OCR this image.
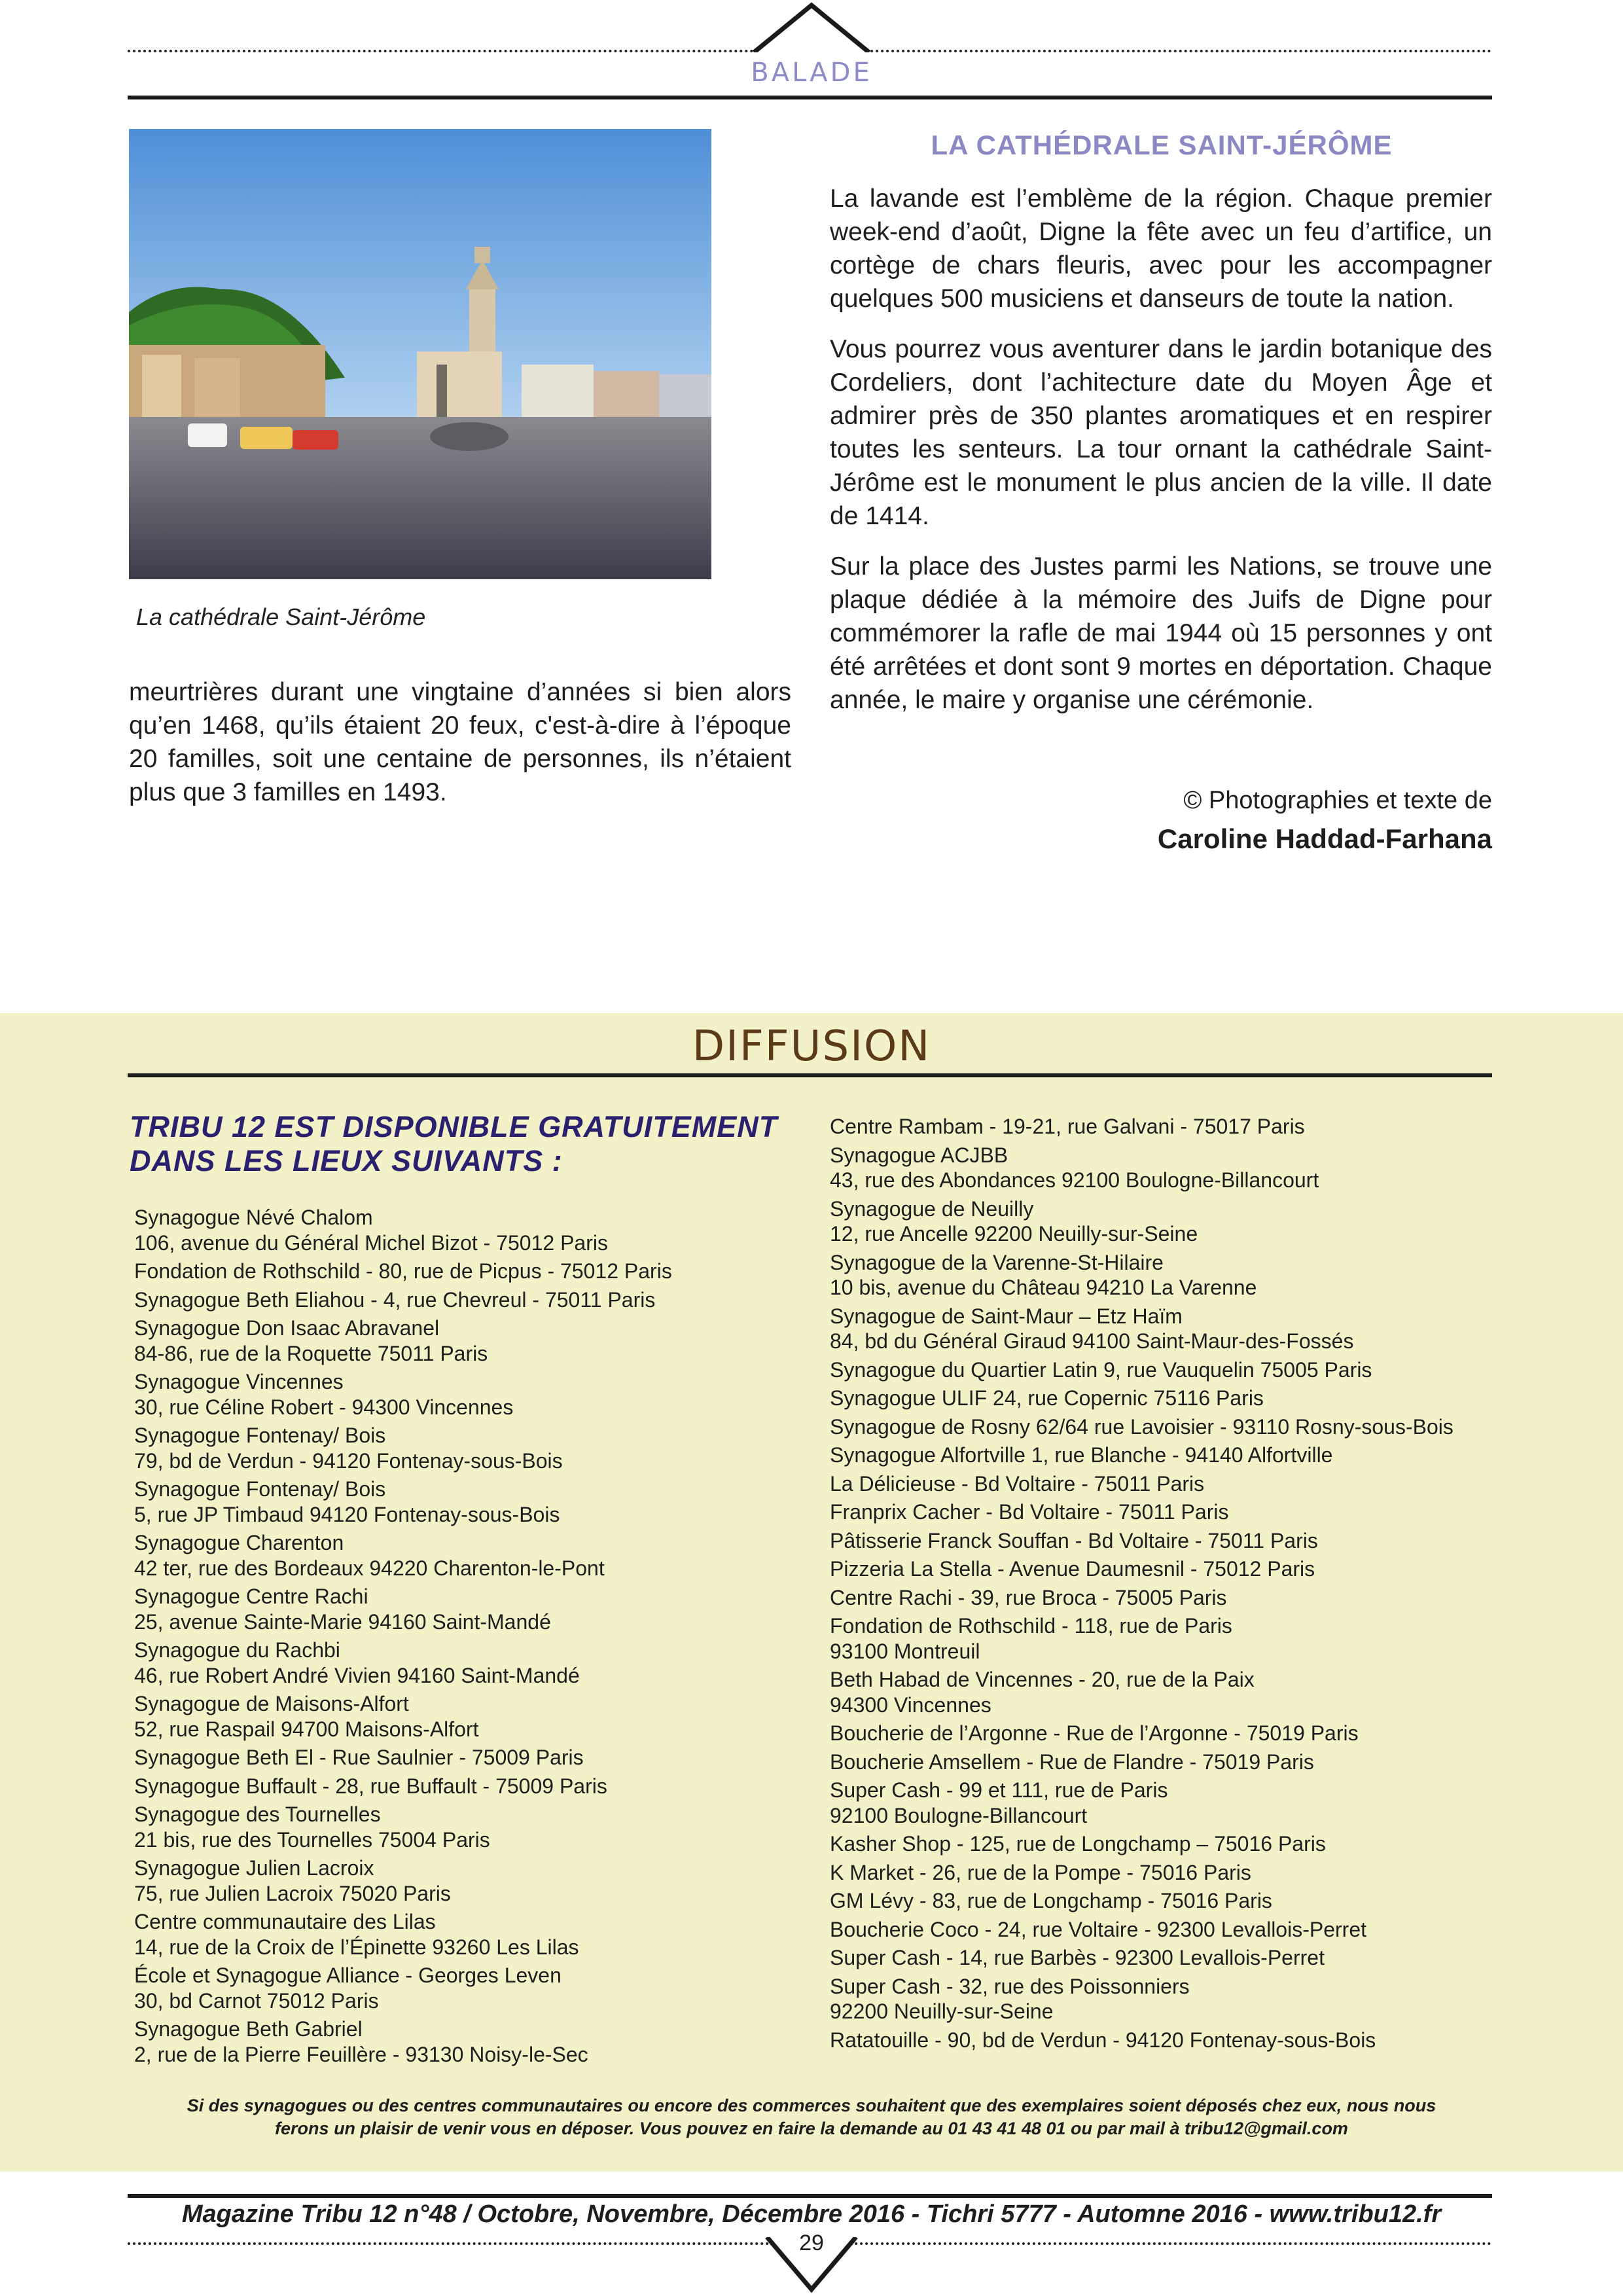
BALADE
La cathédrale Saint-Jérôme
meurtrières durant une vingtaine d’années si bien alors qu’en 1468, qu’ils étaient 20 feux, c'est-à-dire à l’époque 20 familles, soit une centaine de personnes, ils n’étaient plus que 3 familles en 1493.
LA CATHÉDRALE SAINT-JÉRÔME

La lavande est l’emblème de la région. Chaque premier week-end d’août, Digne la fête avec un feu d’artifice, un cortège de chars fleuris, avec pour les accompagner quelques 500 musiciens et danseurs de toute la nation.

Vous pourrez vous aventurer dans le jardin botanique des Cordeliers, dont l’achitecture date du Moyen Âge et admirer près de 350 plantes aromatiques et en respirer toutes les senteurs. La tour ornant la cathédrale Saint-Jérôme est le monument le plus ancien de la ville. Il date de 1414.

Sur la place des Justes parmi les Nations, se trouve une plaque dédiée à la mémoire des Juifs de Digne pour commémorer la rafle de mai 1944 où 15 personnes y ont été arrêtées et dont sont 9 mortes en déportation. Chaque année, le maire y organise une cérémonie.

© Photographies et texte de
Caroline Haddad-Farhana
DIFFUSION
TRIBU 12 EST DISPONIBLE GRATUITEMENT
DANS LES LIEUX SUIVANTS :
Synagogue Névé Chalom
106, avenue du Général Michel Bizot - 75012 Paris
Fondation de Rothschild - 80, rue de Picpus - 75012 Paris
Synagogue Beth Eliahou - 4, rue Chevreul - 75011 Paris
Synagogue Don Isaac Abravanel
84-86, rue de la Roquette 75011 Paris
Synagogue Vincennes
30, rue Céline Robert - 94300 Vincennes
Synagogue Fontenay/ Bois
79, bd de Verdun - 94120 Fontenay-sous-Bois
Synagogue Fontenay/ Bois
5, rue JP Timbaud 94120 Fontenay-sous-Bois
Synagogue Charenton
42 ter, rue des Bordeaux 94220 Charenton-le-Pont
Synagogue Centre Rachi
25, avenue Sainte-Marie 94160 Saint-Mandé
Synagogue du Rachbi
46, rue Robert André Vivien 94160 Saint-Mandé
Synagogue de Maisons-Alfort
52, rue Raspail 94700 Maisons-Alfort
Synagogue Beth El - Rue Saulnier - 75009 Paris
Synagogue Buffault - 28, rue Buffault - 75009 Paris
Synagogue des Tournelles
21 bis, rue des Tournelles 75004 Paris
Synagogue Julien Lacroix
75, rue Julien Lacroix 75020 Paris
Centre communautaire des Lilas
14, rue de la Croix de l’Épinette 93260 Les Lilas
École et Synagogue Alliance - Georges Leven
30, bd Carnot 75012 Paris
Synagogue Beth Gabriel
2, rue de la Pierre Feuillère - 93130 Noisy-le-Sec
Centre Rambam - 19-21, rue Galvani - 75017 Paris
Synagogue ACJBB
43, rue des Abondances 92100 Boulogne-Billancourt
Synagogue de Neuilly
12, rue Ancelle 92200 Neuilly-sur-Seine
Synagogue de la Varenne-St-Hilaire
10 bis, avenue du Château 94210 La Varenne
Synagogue de Saint-Maur – Etz Haïm
84, bd du Général Giraud 94100 Saint-Maur-des-Fossés
Synagogue du Quartier Latin 9, rue Vauquelin 75005 Paris
Synagogue ULIF 24, rue Copernic 75116 Paris
Synagogue de Rosny 62/64 rue Lavoisier - 93110 Rosny-sous-Bois
Synagogue Alfortville 1, rue Blanche - 94140 Alfortville
La Délicieuse - Bd Voltaire - 75011 Paris
Franprix Cacher - Bd Voltaire - 75011 Paris
Pâtisserie Franck Souffan - Bd Voltaire - 75011 Paris
Pizzeria La Stella - Avenue Daumesnil - 75012 Paris
Centre Rachi - 39, rue Broca - 75005 Paris
Fondation de Rothschild - 118, rue de Paris
93100 Montreuil
Beth Habad de Vincennes - 20, rue de la Paix
94300 Vincennes
Boucherie de l’Argonne - Rue de l’Argonne - 75019 Paris
Boucherie Amsellem - Rue de Flandre - 75019 Paris
Super Cash - 99 et 111, rue de Paris
92100 Boulogne-Billancourt
Kasher Shop - 125, rue de Longchamp – 75016 Paris
K Market - 26, rue de la Pompe - 75016 Paris
GM Lévy - 83, rue de Longchamp - 75016 Paris
Boucherie Coco - 24, rue Voltaire - 92300 Levallois-Perret
Super Cash - 14, rue Barbès - 92300 Levallois-Perret
Super Cash - 32, rue des Poissonniers
92200 Neuilly-sur-Seine
Ratatouille - 90, bd de Verdun - 94120 Fontenay-sous-Bois
Si des synagogues ou des centres communautaires ou encore des commerces souhaitent que des exemplaires soient déposés chez eux, nous nous
ferons un plaisir de venir vous en déposer. Vous pouvez en faire la demande au 01 43 41 48 01 ou par mail à tribu12@gmail.com
Magazine Tribu 12 n°48 / Octobre, Novembre, Décembre 2016 - Tichri 5777 - Automne 2016 - www.tribu12.fr
29
